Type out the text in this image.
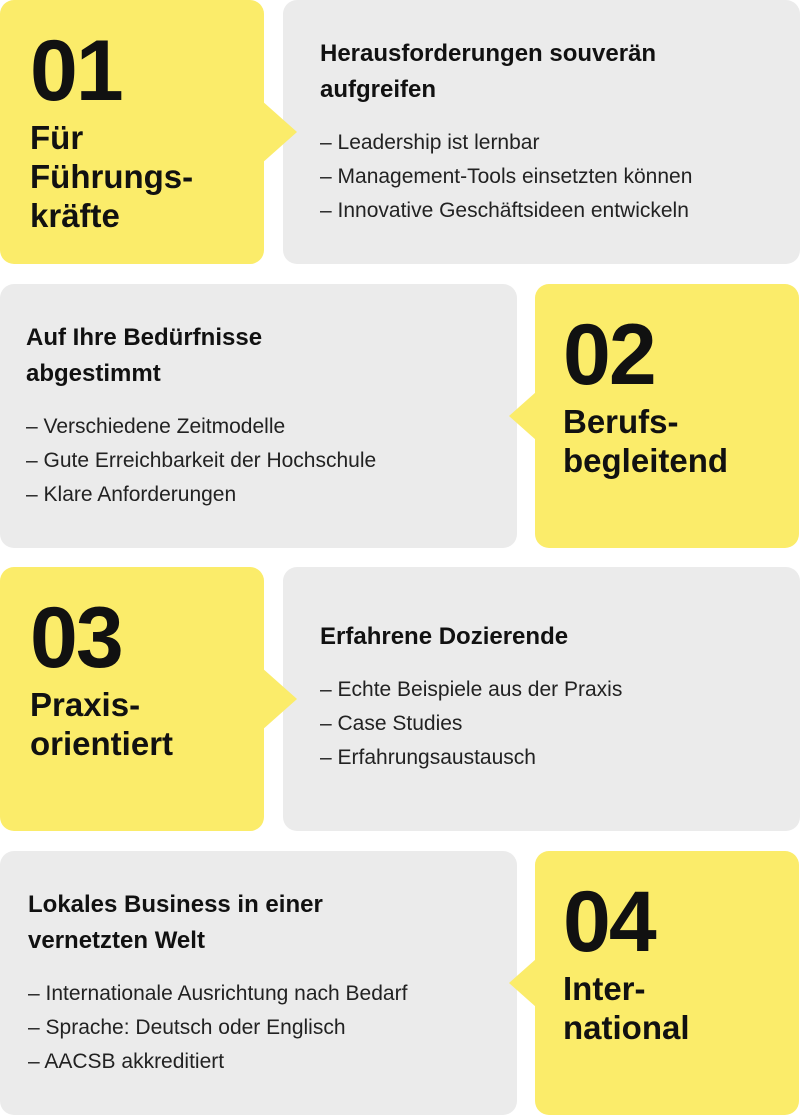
01
Für
Führungs-
kräfte
Herausforderungen souverän
aufgreifen
– Leadership ist lernbar
– Management-Tools einsetzten können
– Innovative Geschäftsideen entwickeln
Auf Ihre Bedürfnisse
abgestimmt
– Verschiedene Zeitmodelle
– Gute Erreichbarkeit der Hochschule
– Klare Anforderungen
02
Berufs-
begleitend
03
Praxis-
orientiert
Erfahrene Dozierende
– Echte Beispiele aus der Praxis
– Case Studies
– Erfahrungsaustausch
Lokales Business in einer
vernetzten Welt
– Internationale Ausrichtung nach Bedarf
– Sprache: Deutsch oder Englisch
– AACSB akkreditiert
04
Inter-
national
